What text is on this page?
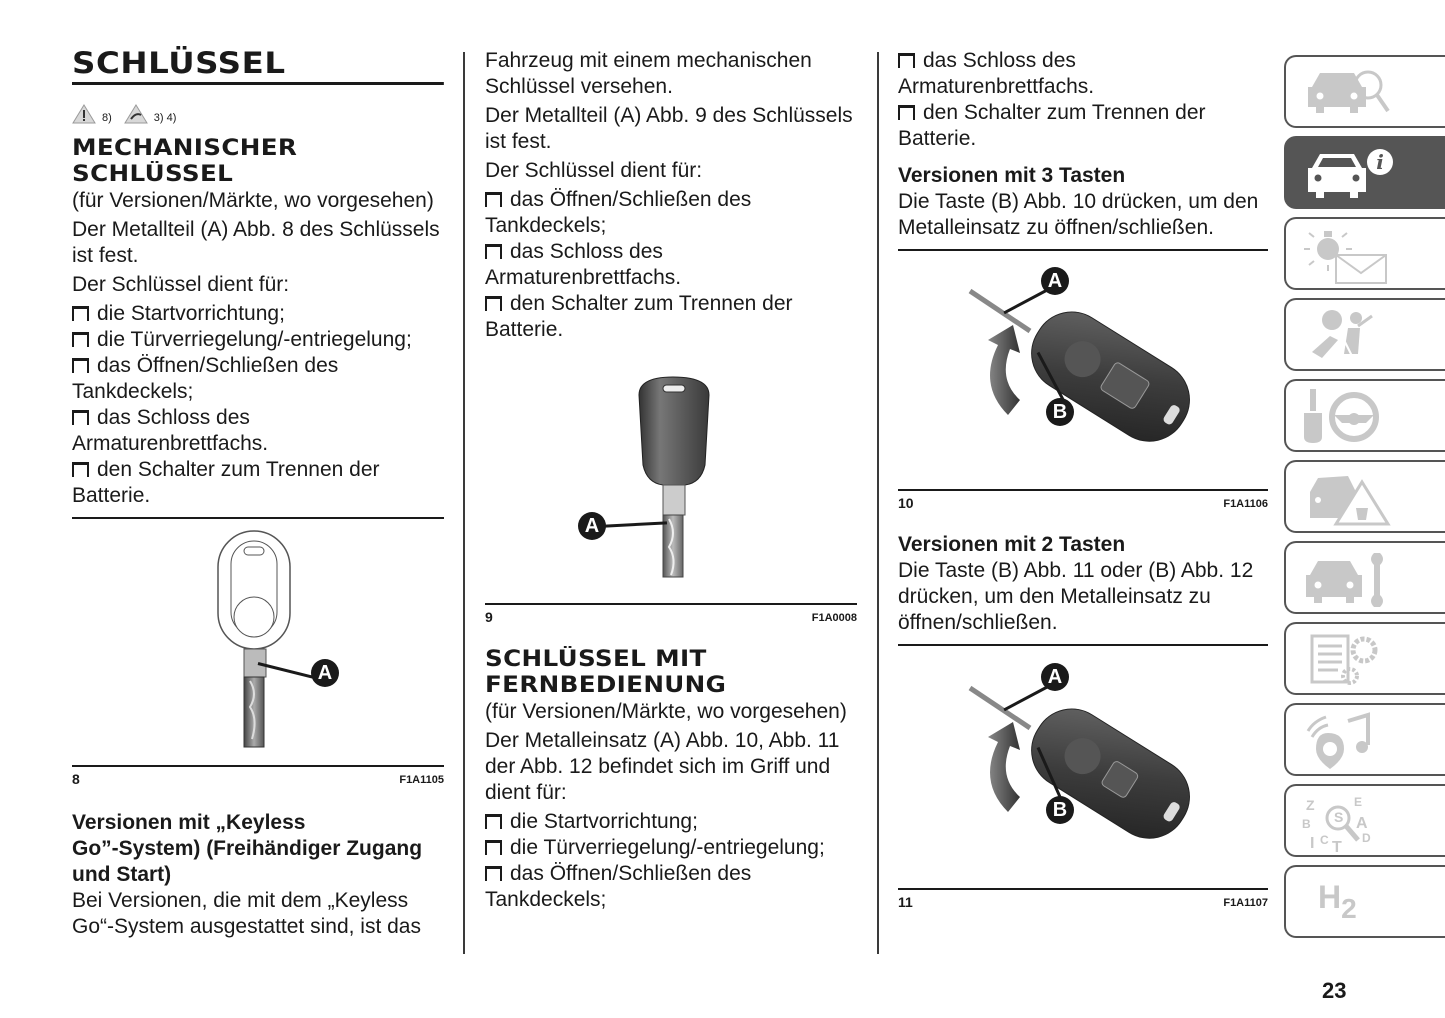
SCHLÜSSEL
8)	3) 4)
MECHANISCHER
SCHLÜSSEL
(für Versionen/Märkte, wo vorgesehen)
Der Metallteil (A) Abb. 8 des Schlüssels
ist fest.
Der Schlüssel dient für:
die Startvorrichtung;
die Türverriegelung/-entriegelung;
das Öffnen/Schließen des
Tankdeckels;
das Schloss des
Armaturenbrettfachs.
den Schalter zum Trennen der
Batterie.
A
8	F1A1105
Versionen mit „Keyless
Go”-System) (Freihändiger Zugang
und Start)
Bei Versionen, die mit dem „Keyless
Go“-System ausgestattet sind, ist das
Fahrzeug mit einem mechanischen
Schlüssel versehen.
Der Metallteil (A) Abb. 9 des Schlüssels
ist fest.
Der Schlüssel dient für:
das Öffnen/Schließen des
Tankdeckels;
das Schloss des
Armaturenbrettfachs.
den Schalter zum Trennen der
Batterie.
A
9	F1A0008
SCHLÜSSEL MIT
FERNBEDIENUNG
(für Versionen/Märkte, wo vorgesehen)
Der Metalleinsatz (A) Abb. 10, Abb. 11
der Abb. 12 befindet sich im Griff und
dient für:
die Startvorrichtung;
die Türverriegelung/-entriegelung;
das Öffnen/Schließen des
Tankdeckels;
das Schloss des
Armaturenbrettfachs.
den Schalter zum Trennen der
Batterie.
Versionen mit 3 Tasten
Die Taste (B) Abb. 10 drücken, um den
Metalleinsatz zu öffnen/schließen.
A
B
10	F1A1106
Versionen mit 2 Tasten
Die Taste (B) Abb. 11 oder (B) Abb. 12
drücken, um den Metalleinsatz zu
öffnen/schließen.
A
B
11	F1A1107
i
Z
B
I C T
E
A
D
S
H2
23
